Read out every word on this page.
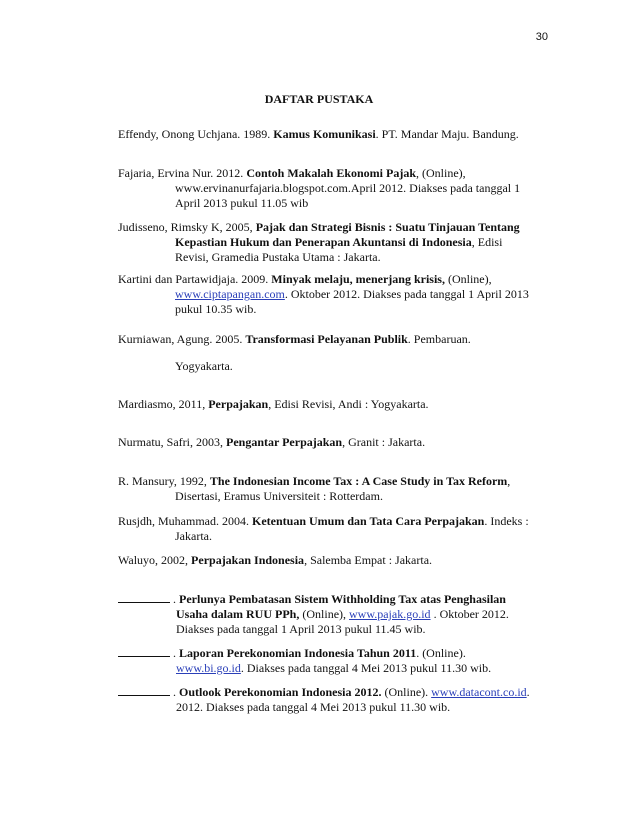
30
DAFTAR PUSTAKA
Effendy, Onong Uchjana. 1989. Kamus Komunikasi. PT. Mandar Maju. Bandung.
Fajaria, Ervina Nur. 2012. Contoh Makalah Ekonomi Pajak, (Online),
www.ervinanurfajaria.blogspot.com.April 2012. Diakses pada tanggal 1
April 2013 pukul 11.05 wib
Judisseno, Rimsky K, 2005, Pajak dan Strategi Bisnis : Suatu Tinjauan Tentang
Kepastian Hukum dan Penerapan Akuntansi di Indonesia, Edisi
Revisi, Gramedia Pustaka Utama : Jakarta.
Kartini dan Partawidjaja. 2009. Minyak melaju, menerjang krisis, (Online),
www.ciptapangan.com. Oktober 2012. Diakses pada tanggal 1 April 2013
pukul 10.35 wib.
Kurniawan, Agung. 2005. Transformasi Pelayanan Publik. Pembaruan.
Yogyakarta.
Mardiasmo, 2011, Perpajakan, Edisi Revisi, Andi : Yogyakarta.
Nurmatu, Safri, 2003, Pengantar Perpajakan, Granit : Jakarta.
R. Mansury, 1992, The Indonesian Income Tax : A Case Study in Tax Reform,
Disertasi, Eramus Universiteit : Rotterdam.
Rusjdh, Muhammad. 2004. Ketentuan Umum dan Tata Cara Perpajakan. Indeks :
Jakarta.
Waluyo, 2002, Perpajakan Indonesia, Salemba Empat : Jakarta.
. Perlunya Pembatasan Sistem Withholding Tax atas Penghasilan
Usaha dalam RUU PPh, (Online), www.pajak.go.id . Oktober 2012.
Diakses pada tanggal 1 April 2013 pukul 11.45 wib.
. Laporan Perekonomian Indonesia Tahun 2011. (Online).
www.bi.go.id. Diakses pada tanggal 4 Mei 2013 pukul 11.30 wib.
. Outlook Perekonomian Indonesia 2012. (Online). www.datacont.co.id.
2012. Diakses pada tanggal 4 Mei 2013 pukul 11.30 wib.
